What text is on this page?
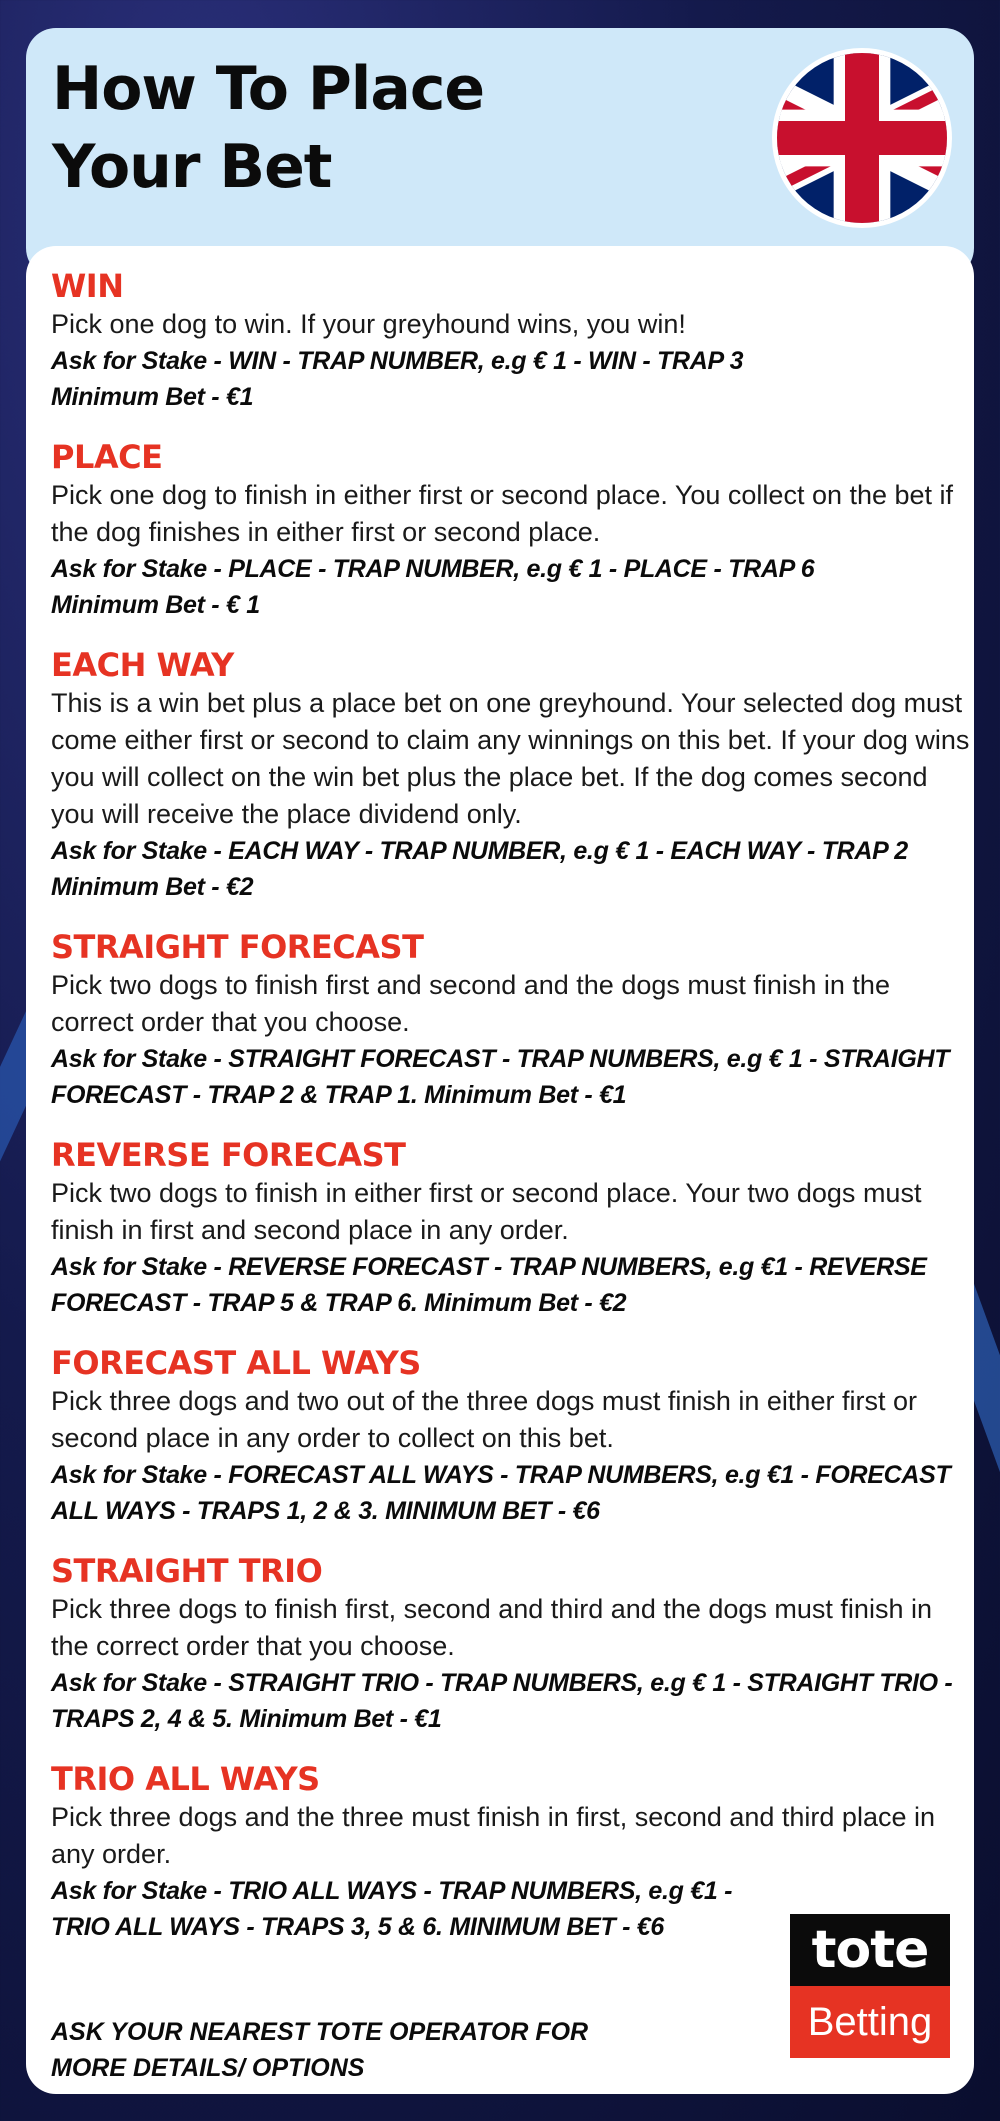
How To Place
Your Bet
WIN
Pick one dog to win. If your greyhound wins, you win!
Ask for Stake - WIN - TRAP NUMBER, e.g € 1 - WIN - TRAP 3
Minimum Bet - €1
PLACE
Pick one dog to finish in either first or second place. You collect on the bet if the dog finishes in either first or second place.
Ask for Stake - PLACE - TRAP NUMBER, e.g € 1 - PLACE - TRAP 6
Minimum Bet - € 1
EACH WAY
This is a win bet plus a place bet on one greyhound. Your selected dog must come either first or second to claim any winnings on this bet. If your dog wins you will collect on the win bet plus the place bet. If the dog comes second you will receive the place dividend only.
Ask for Stake - EACH WAY - TRAP NUMBER, e.g € 1 - EACH WAY - TRAP 2
Minimum Bet - €2
STRAIGHT FORECAST
Pick two dogs to finish first and second and the dogs must finish in the correct order that you choose.
Ask for Stake - STRAIGHT FORECAST - TRAP NUMBERS, e.g € 1 - STRAIGHT FORECAST - TRAP 2 & TRAP 1. Minimum Bet - €1
REVERSE FORECAST
Pick two dogs to finish in either first or second place. Your two dogs must finish in first and second place in any order.
Ask for Stake - REVERSE FORECAST - TRAP NUMBERS, e.g €1 - REVERSE FORECAST - TRAP 5 & TRAP 6. Minimum Bet - €2
FORECAST ALL WAYS
Pick three dogs and two out of the three dogs must finish in either first or second place in any order to collect on this bet.
Ask for Stake - FORECAST ALL WAYS - TRAP NUMBERS, e.g €1 - FORECAST ALL WAYS - TRAPS 1, 2 & 3. MINIMUM BET - €6
STRAIGHT TRIO
Pick three dogs to finish first, second and third and the dogs must finish in the correct order that you choose.
Ask for Stake - STRAIGHT TRIO - TRAP NUMBERS, e.g € 1 - STRAIGHT TRIO - TRAPS 2, 4 & 5. Minimum Bet - €1
TRIO ALL WAYS
Pick three dogs and the three must finish in first, second and third place in any order.
Ask for Stake - TRIO ALL WAYS - TRAP NUMBERS, e.g €1 - TRIO ALL WAYS - TRAPS 3, 5 & 6. MINIMUM BET - €6
ASK YOUR NEAREST TOTE OPERATOR FOR MORE DETAILS/ OPTIONS
tote
Betting
